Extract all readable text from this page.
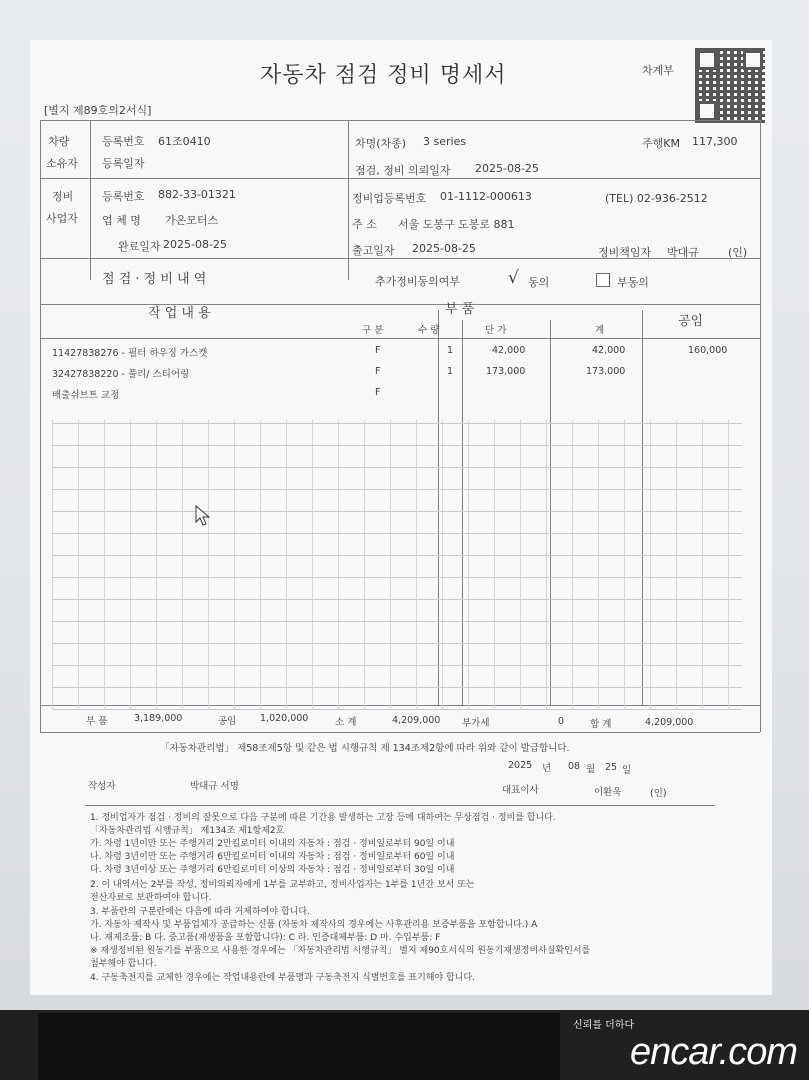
자동차 점검 정비 명세서	차계부
[별지 제89호의2서식]
차량
소유자
등록번호 61조0410
등록일자
차명(차종) 3 series	주행KM 117,300
점검, 정비 의뢰일자 2025-08-25
정비
사업자
등록번호 882-33-01321	정비업등록번호 01-1112-000613	(TEL) 02-936-2512
업 체 명 가온모터스	주 소 서울 도봉구 도봉로 881
완료일자 2025-08-25	출고일자 2025-08-25	정비책임자 박대규	(인)
점 검 · 정 비 내 역	추가정비동의여부	√ 동의	부동의
작 업 내 용	부 품
공임
구 분	수 량	단 가	계
11427838276 - 필터 하우징 가스켓	F	1	42,000	42,000	160,000
32427838220 - 풀리/ 스티어링	F	1	173,000	173,000
배출쉬브트 교정	F
부 품	3,189,000	공임 1,020,000	소 계	4,209,000 부가세	0	합 계	4,209,000
「자동차관리법」 제58조제5항 및 같은 법 시행규칙 제 134조제2항에 따라 위와 같이 발급합니다.
2025 년 08 월 25 일
작성자	박대규 서명	대표이사	이환욱	(인)
1. 정비업자가 점검 · 정비의 잘못으로 다음 구분에 따른 기간용 발생하는 고장 등에 대하여는 무상점검 · 정비를 합니다.
「자동차관리법 시행규칙」 제134조 제1항제2호
가. 차령 1년이만 또는 주행거리 2만킬로미터 이내의 자동차 : 점검 · 정비일로부터 90일 이내
나. 차령 3년이만 또는 주행거리 6만킬로미터 이내의 자동차 : 점검 · 정비일로부터 60일 이내
다. 차령 3년이상 또는 주행거리 6만킬로미터 이상의 자동차 : 점검 · 정비일로부터 30일 이내
2. 이 내역서는 2부를 작성, 정비의뢰자에게 1부를 교부하고, 정비사업자는 1부를 1년간 보서 또는
전산자료로 보관하여야 합니다.
3. 부품란의 구분란에는 다음에 따라 거제하여야 합니다.
가. 자동차 제작사 및 부품업체가 공급하는 신품 (자동차 제작사의 경우에는 사후관리용 보증부품을 포함합니다.) A
나. 재제조품: B 다. 중고품(재생품을 포함합니다): C 라. 인증대체부품: D 마. 수입부품: F
※ 재생정비된 원동기를 부품으로 사용한 경우에는 「자동차관리법 시행규칙」 별지 제90호서식의 원동기재생정비사실확인서를
첨부해야 합니다.
4. 구동축전지를 교체한 경우에는 작업내용란에 부품명과 구동축전지 식별번호를 표기해야 합니다.
신뢰를 더하다
encar.com
